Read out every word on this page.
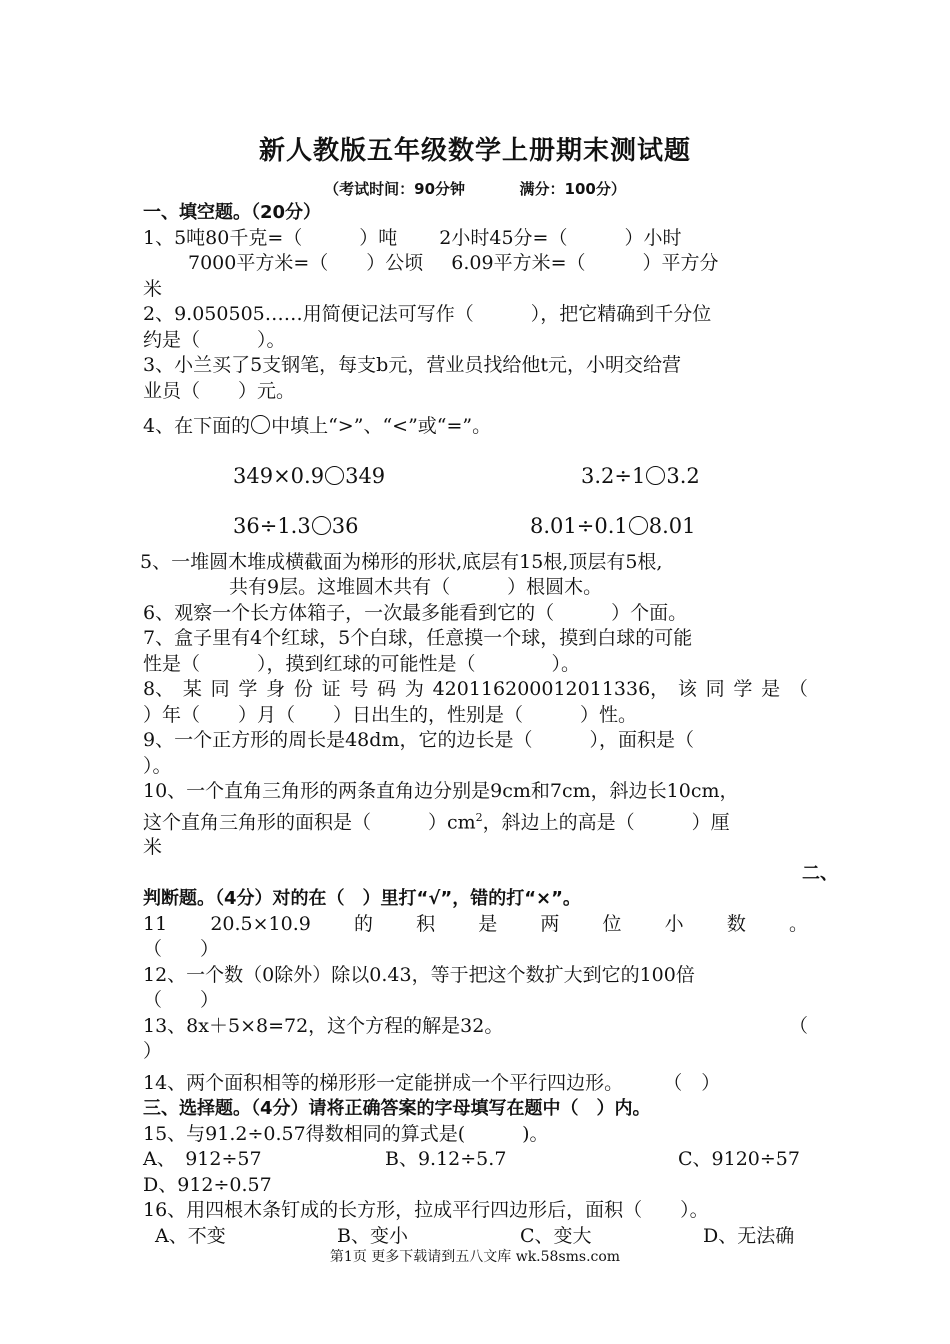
新人教版五年级数学上册期末测试题
（考试时间：90分钟	满分：100分）
一、填空题。（20分）
1、5吨80千克=（　　　）吨 2小时45分=（　　　）小时
7000平方米=（　　）公顷 6.09平方米=（　　　）平方分
米
2、9.050505……用简便记法可写作（　　　），把它精确到千分位
约是（　　　）。
3、小兰买了5支钢笔，每支b元，营业员找给他t元，小明交给营
业员（　　）元。
4、在下面的 中填上“>”、“<”或“=”。
349×0.9 349	3.2÷1 3.2
36÷1.3 36	8.01÷0.1 8.01
5、一堆圆木堆成横截面为梯形的形状,底层有15根,顶层有5根,
共有9层。这堆圆木共有（　　　）根圆木。
6、观察一个长方体箱子，一次最多能看到它的（　　　）个面。
7、盒子里有4个红球，5个白球，任意摸一个球，摸到白球的可能
性是（　　　），摸到红球的可能性是（　　　　）。
8、 某 同 学 身 份 证 号 码 为 420116200012011336， 该 同 学 是 （
）年（　　）月（　　）日出生的，性别是（　　　）性。
9、一个正方形的周长是48dm，它的边长是（　　　），面积是（
）。
10、一个直角三角形的两条直角边分别是9cm和7cm，斜边长10cm，
这个直角三角形的面积是（　　　）$cm^2$，斜边上的高是（　　　）厘
米
二、
判断题。（4分）对的在（　）里打“√”，错的打“×”。
11 20.5×10.9 的 积 是 两 位 小 数 。
（　　）
12、一个数（0除外）除以0.43，等于把这个数扩大到它的100倍
（　　）
13、8x＋5×8=72，这个方程的解是32。	（
）
14、两个面积相等的梯形形一定能拼成一个平行四边形。 （　）
三、选择题。（4分）请将正确答案的字母填写在题中（　）内。
15、与91.2÷0.57得数相同的算式是(　　　)。
A、　912÷57	B、9.12÷5.7	C、9120÷57
D、912÷0.57
16、用四根木条钉成的长方形，拉成平行四边形后，面积（　　）。
A、不变	B、变小	C、变大	D、无法确
第1页 更多下载请到五八文库 wk.58sms.com
